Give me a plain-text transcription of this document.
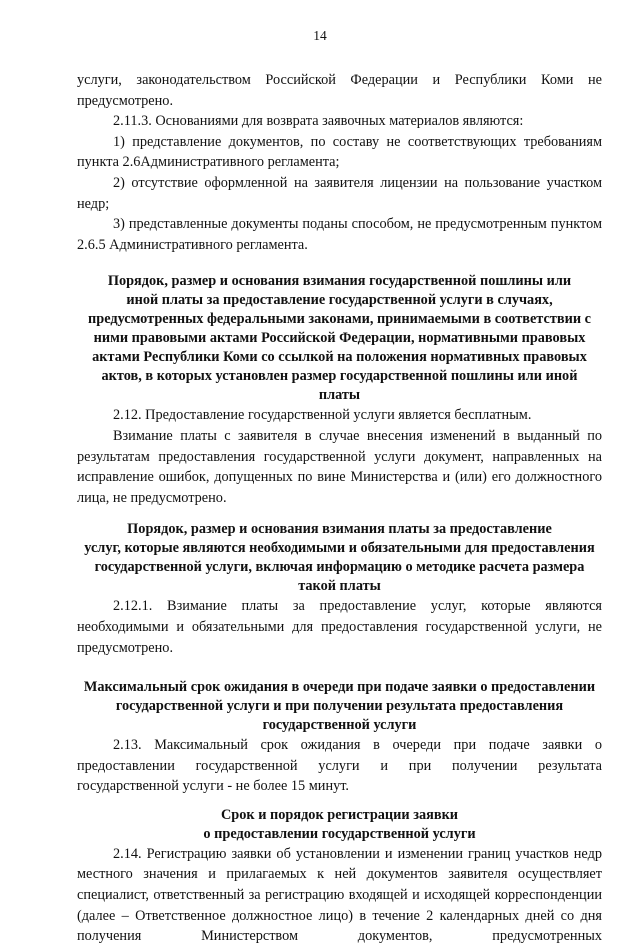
14

услуги, законодательством Российской Федерации и Республики Коми не предусмотрено.

2.11.3. Основаниями для возврата заявочных материалов являются:

1) представление документов, по составу не соответствующих требованиям пункта 2.6Административного регламента;

2) отсутствие оформленной на заявителя лицензии на пользование участком недр;

3) представленные документы поданы способом, не предусмотренным пунктом 2.6.5 Административного регламента.

Порядок, размер и основания взимания государственной пошлины или
иной платы за предоставление государственной услуги в случаях,
предусмотренных федеральными законами, принимаемыми в соответствии с
ними правовыми актами Российской Федерации, нормативными правовых
актами Республики Коми со ссылкой на положения нормативных правовых
актов, в которых установлен размер государственной пошлины или иной
платы

2.12. Предоставление государственной услуги является бесплатным.

Взимание платы с заявителя в случае внесения изменений в выданный по результатам предоставления государственной услуги документ, направленных на исправление ошибок, допущенных по вине Министерства и (или) его должностного лица, не предусмотрено.

Порядок, размер и основания взимания платы за предоставление
услуг, которые являются необходимыми и обязательными для предоставления
государственной услуги, включая информацию о методике расчета размера
такой платы

2.12.1. Взимание платы за предоставление услуг, которые являются необходимыми и обязательными для предоставления государственной услуги, не предусмотрено.

Максимальный срок ожидания в очереди при подаче заявки о предоставлении
государственной услуги и при получении результата предоставления
государственной услуги

2.13. Максимальный срок ожидания в очереди при подаче заявки о предоставлении государственной услуги и при получении результата государственной услуги - не более 15 минут.

Срок и порядок регистрации заявки
о предоставлении государственной услуги

2.14. Регистрацию заявки об установлении и изменении границ участков недр местного значения и прилагаемых к ней документов заявителя осуществляет специалист, ответственный за регистрацию входящей и исходящей корреспонденции (далее – Ответственное должностное лицо) в течение 2 календарных дней со дня получения Министерством документов, предусмотренных
